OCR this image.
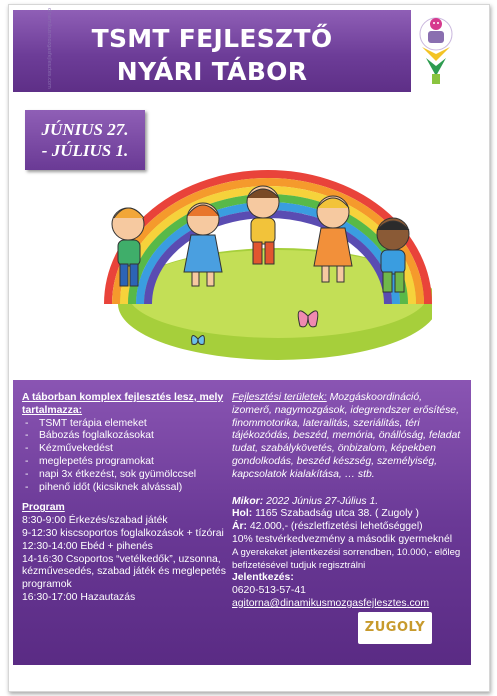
TSMT FEJLESZTŐ
NYÁRI TÁBOR
dinamikusmozgasfejlesztes.com
JÚNIUS 27.
- JÚLIUS 1.
A táborban komplex fejlesztés lesz, mely tartalmazza:
- TSMT terápia elemeket
- Bábozás foglalkozásokat
- Kézművekedést
- meglepetés programokat
- napi 3x étkezést, sok gyümölccsel
- pihenő időt (kicsiknek alvással)
Program
8:30-9:00 Érkezés/szabad játék
9-12:30 kiscsoportos foglalkozások + tízórai
12:30-14:00 Ebéd + pihenés
14-16:30 Csoportos “vetélkedők”, uzsonna, kézművesedés, szabad játék és meglepetés programok
16:30-17:00 Hazautazás
Fejlesztési területek: Mozgáskoordináció, izomerő, nagymozgások, idegrendszer erősítése, finommotorika, lateralitás, szeriálitás, téri tájékozódás, beszéd, memória, önállóság, feladat tudat, szabálykövetés, önbizalom, képekben gondolkodás, beszéd készség, személyiség, kapcsolatok kialakítása, … stb.
Mikor: 2022 Június 27-Július 1.
Hol: 1165 Szabadság utca 38. ( Zugoly )
Ár: 42.000,- (részletfizetési lehetőséggel)
10% testvérkedvezmény a második gyermeknél
A gyerekeket jelentkezési sorrendben, 10.000,- előleg befizetésével tudjuk regisztrálni
Jelentkezés:
0620-513-57-41
agitorna@dinamikusmozgasfejlesztes.com
ZUGOLY
